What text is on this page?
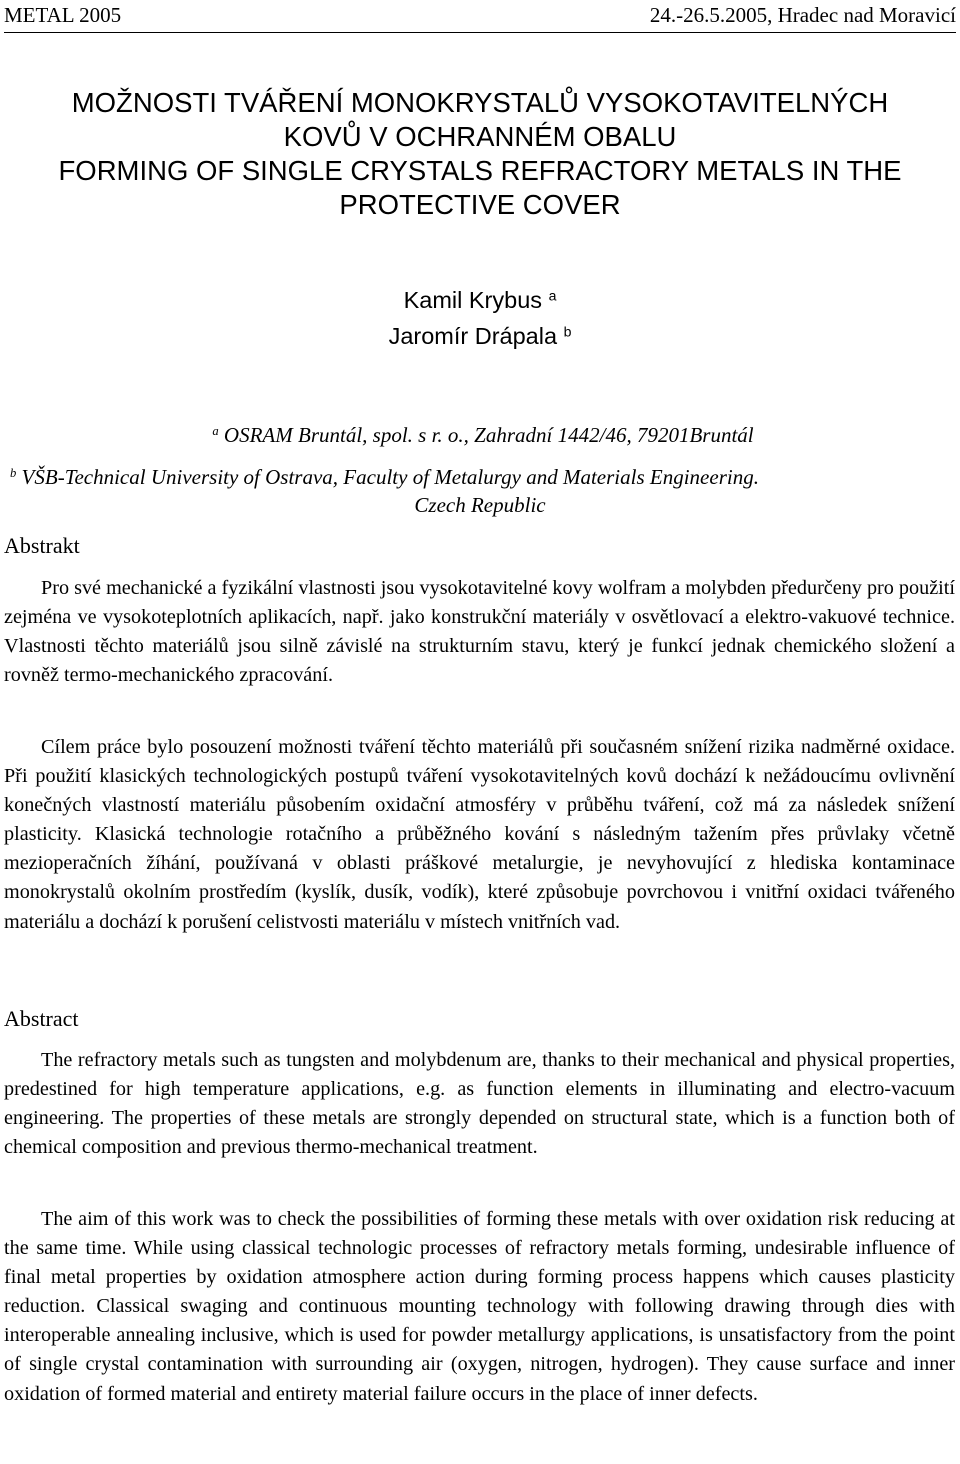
METAL 2005	24.-26.5.2005, Hradec nad Moravicí
MOŽNOSTI TVÁŘENÍ MONOKRYSTALŮ VYSOKOTAVITELNÝCH
KOVŮ V OCHRANNÉM OBALU
FORMING OF SINGLE CRYSTALS REFRACTORY METALS IN THE
PROTECTIVE COVER
Kamil Krybus $^a$
Jaromír Drápala $^b$
$^a$ OSRAM Bruntál, spol. s r. o., Zahradní 1442/46, 79201Bruntál
$^b$ VŠB-Technical University of Ostrava, Faculty of Metalurgy and Materials Engineering.
Czech Republic
Abstrakt
Pro své mechanické a fyzikální vlastnosti jsou vysokotavitelné kovy wolfram a molybden předurčeny pro použití zejména ve vysokoteplotních aplikacích, např. jako konstrukční materiály v osvětlovací a elektro-vakuové technice. Vlastnosti těchto materiálů jsou silně závislé na strukturním stavu, který je funkcí jednak chemického složení a rovněž termo-mechanického zpracování.
Cílem práce bylo posouzení možnosti tváření těchto materiálů při současném snížení rizika nadměrné oxidace. Při použití klasických technologických postupů tváření vysokotavitelných kovů dochází k nežádoucímu ovlivnění konečných vlastností materiálu působením oxidační atmosféry v průběhu tváření, což má za následek snížení plasticity. Klasická technologie rotačního a průběžného kování s následným tažením přes průvlaky včetně mezioperačních žíhání, používaná v oblasti práškové metalurgie, je nevyhovující z hlediska kontaminace monokrystalů okolním prostředím (kyslík, dusík, vodík), které způsobuje povrchovou i vnitřní oxidaci tvářeného materiálu a dochází k porušení celistvosti materiálu v místech vnitřních vad.
Abstract
The refractory metals such as tungsten and molybdenum are, thanks to their mechanical and physical properties, predestined for high temperature applications, e.g. as function elements in illuminating and electro-vacuum engineering. The properties of these metals are strongly depended on structural state, which is a function both of chemical composition and previous thermo-mechanical treatment.
The aim of this work was to check the possibilities of forming these metals with over oxidation risk reducing at the same time. While using classical technologic processes of refractory metals forming, undesirable influence of final metal properties by oxidation atmosphere action during forming process happens which causes plasticity reduction. Classical swaging and continuous mounting technology with following drawing through dies with interoperable annealing inclusive, which is used for powder metallurgy applications, is unsatisfactory from the point of single crystal contamination with surrounding air (oxygen, nitrogen, hydrogen). They cause surface and inner oxidation of formed material and entirety material failure occurs in the place of inner defects.
